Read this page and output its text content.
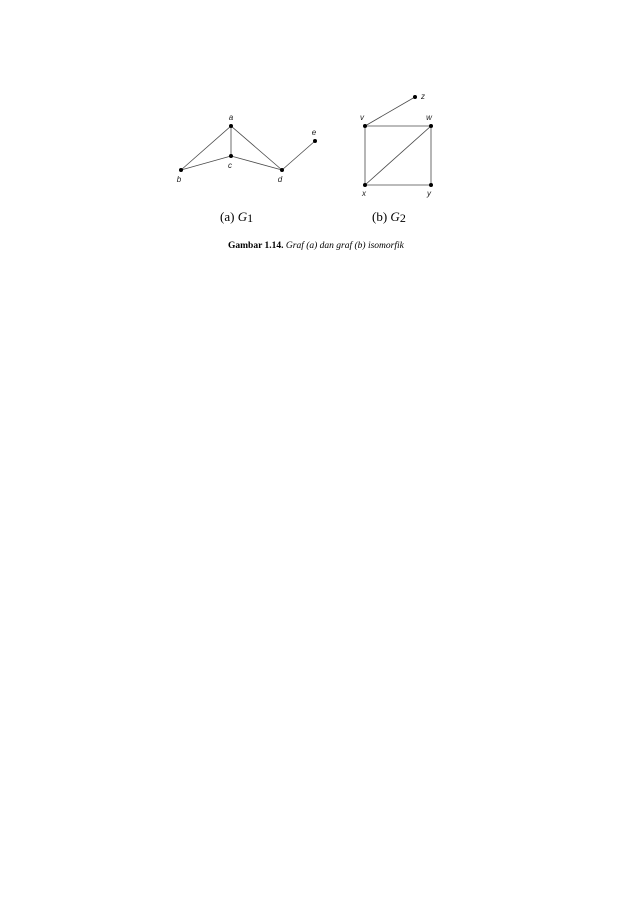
a
b
c
d
e
v	w
x	y
z
(a) G1	(b) G2
Gambar 1.14. Graf (a) dan graf (b) isomorfik
